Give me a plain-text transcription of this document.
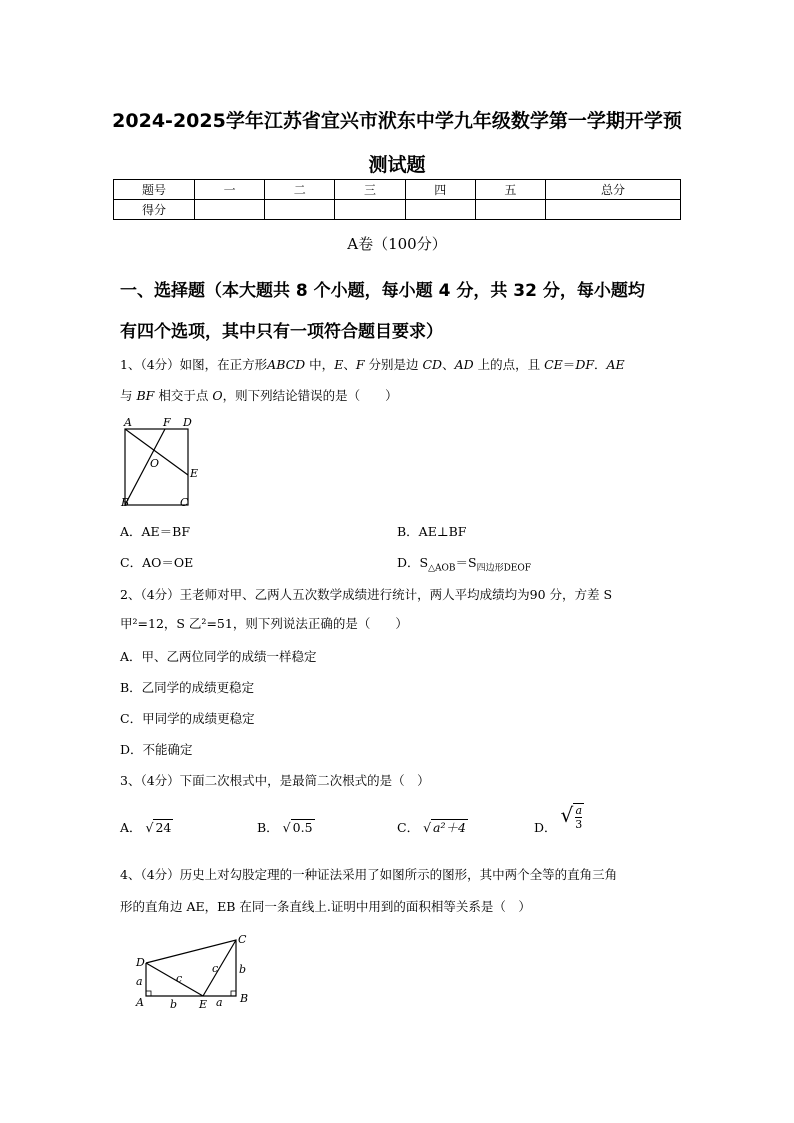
2024-2025学年江苏省宜兴市洑东中学九年级数学第一学期开学预
测试题
题号	一	二	三	四	五	总分
得分						
A卷（100分）
一、选择题（本大题共 8 个小题，每小题 4 分，共 32 分，每小题均
有四个选项，其中只有一项符合题目要求）
1、（4分）如图，在正方形ABCD 中，E、F 分别是边 CD、AD 上的点，且 CE＝DF．AE
与 BF 相交于点 O，则下列结论错误的是（　　）
A	F D
O
E
B	C
A．AE＝BF	B．AE⊥BF
C．AO＝OE	D．$S_{\triangle AOB}=S_{四边形DEOF}$
2、（4分）王老师对甲、乙两人五次数学成绩进行统计，两人平均成绩均为90 分，方差 S
甲²=12，S 乙²=51，则下列说法正确的是（　　）
A．甲、乙两位同学的成绩一样稳定
B．乙同学的成绩更稳定
C．甲同学的成绩更稳定
D．不能确定
3、（4分）下面二次根式中，是最简二次根式的是（　）
A． √ 24	B． √ 0.5	C． √ a²＋4	D． √ $\frac{a}{3}$
4、（4分）历史上对勾股定理的一种证法采用了如图所示的图形，其中两个全等的直角三角
形的直角边 AE，EB 在同一条直线上.证明中用到的面积相等关系是（　）
D
C
a	c
c b
A b E a B
